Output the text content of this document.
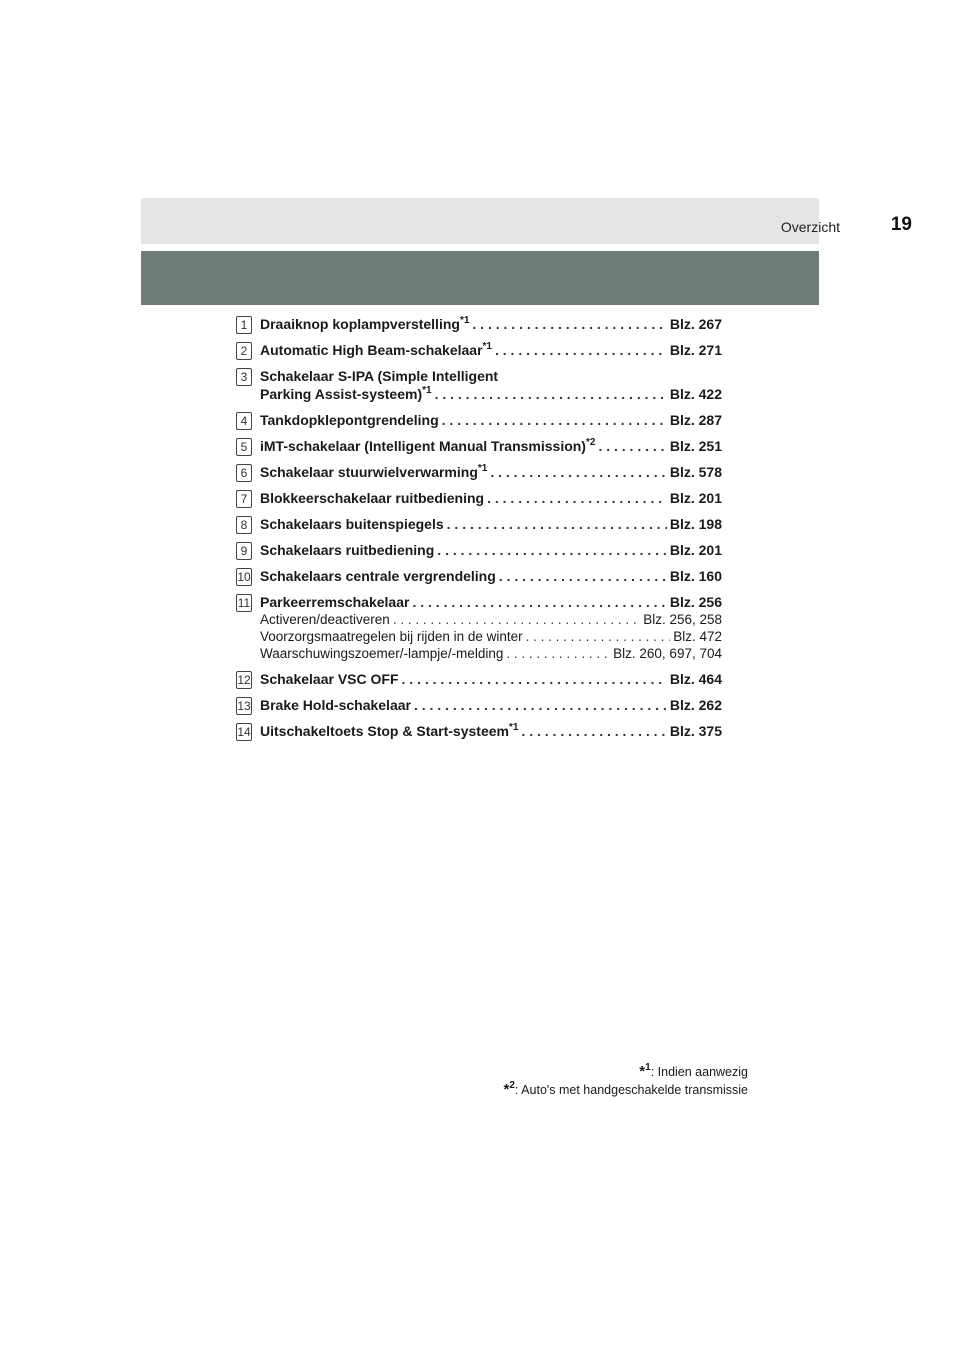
Overzicht	19
1 Draaiknop koplampverstelling$^{*1}$ . . .	Blz. 267
2 Automatic High Beam-schakelaar$^{*1}$ . . .	Blz. 271
3 Schakelaar S-IPA (Simple Intelligent
Parking Assist-systeem)$^{*1}$ . . .	Blz. 422
4 Tankdopklepontgrendeling . . .	Blz. 287
5 iMT-schakelaar (Intelligent Manual Transmission)$^{*2}$ . . .	Blz. 251
6 Schakelaar stuurwielverwarming$^{*1}$ . . .	Blz. 578
7 Blokkeerschakelaar ruitbediening . . .	Blz. 201
8 Schakelaars buitenspiegels . . .	Blz. 198
9 Schakelaars ruitbediening . . .	Blz. 201
10 Schakelaars centrale vergrendeling . . .	Blz. 160
11 Parkeerremschakelaar . . .	Blz. 256
Activeren/deactiveren . . .	Blz. 256, 258
Voorzorgsmaatregelen bij rijden in de winter . . .	Blz. 472
Waarschuwingszoemer/-lampje/-melding . . .	Blz. 260, 697, 704
12 Schakelaar VSC OFF . . .	Blz. 464
13 Brake Hold-schakelaar . . .	Blz. 262
14 Uitschakeltoets Stop & Start-systeem$^{*1}$ . . .	Blz. 375
*$^1$: Indien aanwezig
*$^2$: Auto's met handgeschakelde transmissie
